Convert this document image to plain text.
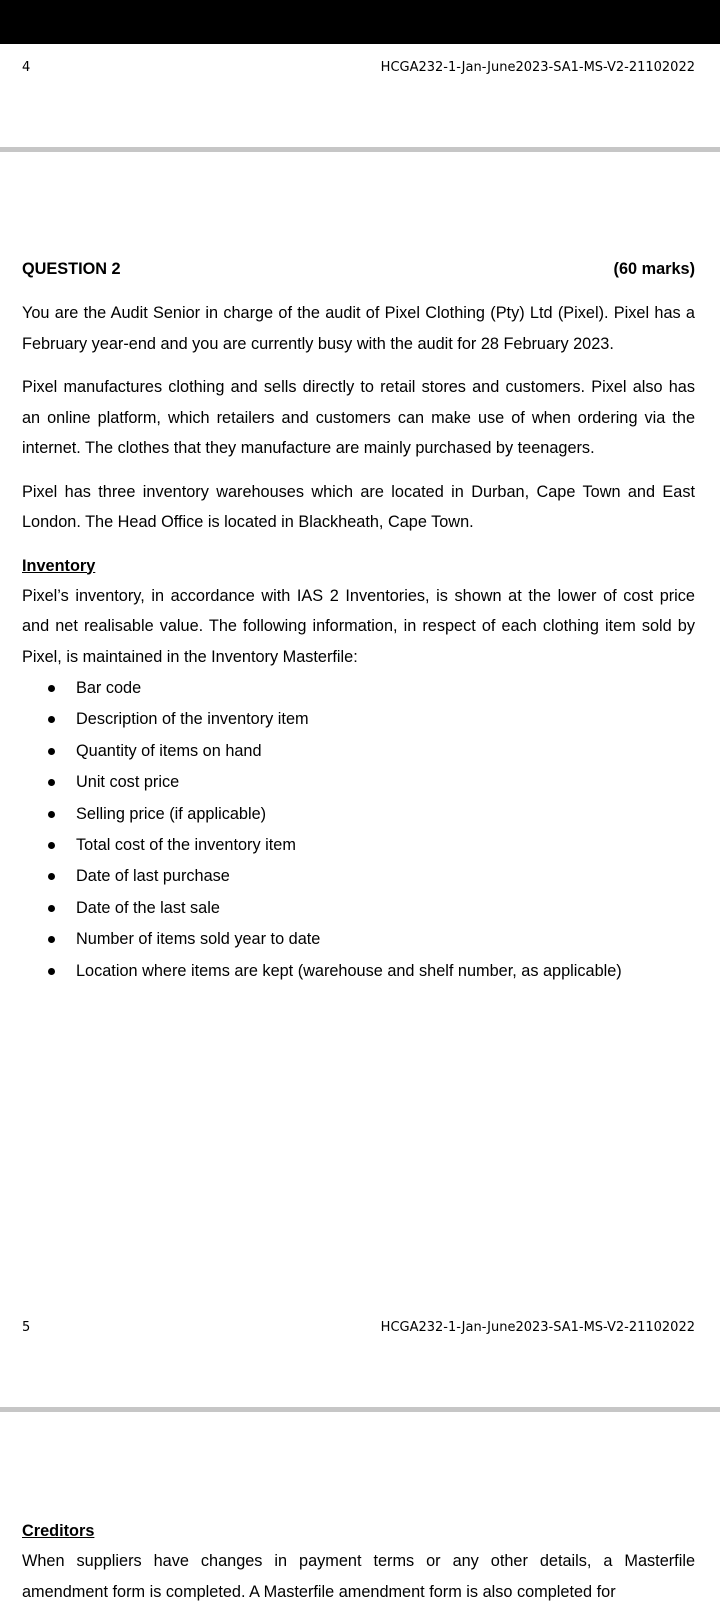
4	HCGA232-1-Jan-June2023-SA1-MS-V2-21102022
QUESTION 2	(60 marks)

You are the Audit Senior in charge of the audit of Pixel Clothing (Pty) Ltd (Pixel). Pixel has a February year-end and you are currently busy with the audit for 28 February 2023.

Pixel manufactures clothing and sells directly to retail stores and customers. Pixel also has an online platform, which retailers and customers can make use of when ordering via the internet. The clothes that they manufacture are mainly purchased by teenagers.

Pixel has three inventory warehouses which are located in Durban, Cape Town and East London. The Head Office is located in Blackheath, Cape Town.

Inventory

Pixel’s inventory, in accordance with IAS 2 Inventories, is shown at the lower of cost price and net realisable value. The following information, in respect of each clothing item sold by Pixel, is maintained in the Inventory Masterfile:

Bar code
Description of the inventory item
Quantity of items on hand
Unit cost price
Selling price (if applicable)
Total cost of the inventory item
Date of last purchase
Date of the last sale
Number of items sold year to date
Location where items are kept (warehouse and shelf number, as applicable)
5	HCGA232-1-Jan-June2023-SA1-MS-V2-21102022

Creditors

When suppliers have changes in payment terms or any other details, a Masterfile amendment form is completed. A Masterfile amendment form is also completed for
